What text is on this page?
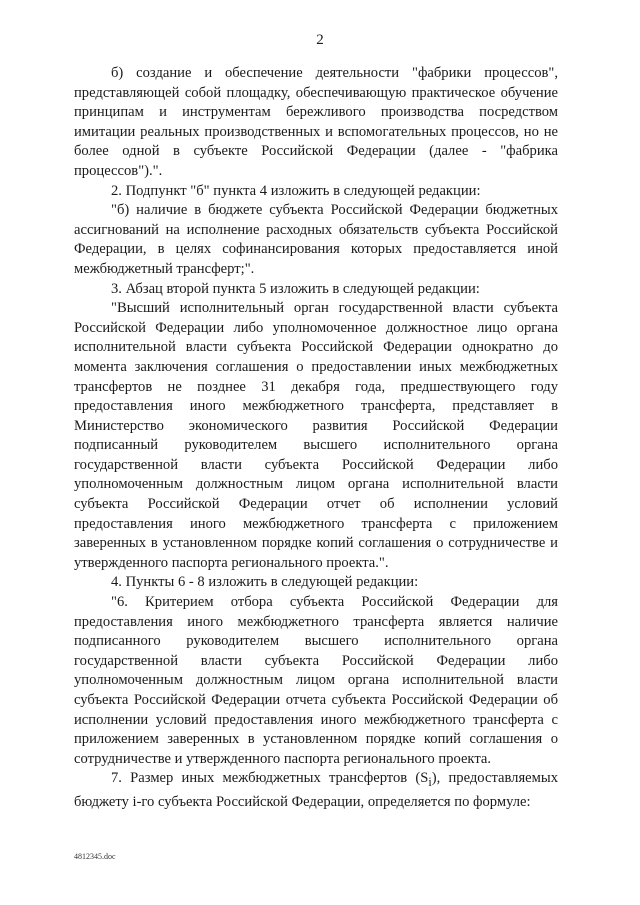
2

б) создание и обеспечение деятельности "фабрики процессов", представляющей собой площадку, обеспечивающую практическое обучение принципам и инструментам бережливого производства посредством имитации реальных производственных и вспомогательных процессов, но не более одной в субъекте Российской Федерации (далее - "фабрика процессов").".

2. Подпункт "б" пункта 4 изложить в следующей редакции:

"б) наличие в бюджете субъекта Российской Федерации бюджетных ассигнований на исполнение расходных обязательств субъекта Российской Федерации, в целях софинансирования которых предоставляется иной межбюджетный трансферт;".

3. Абзац второй пункта 5 изложить в следующей редакции:

"Высший исполнительный орган государственной власти субъекта Российской Федерации либо уполномоченное должностное лицо органа исполнительной власти субъекта Российской Федерации однократно до момента заключения соглашения о предоставлении иных межбюджетных трансфертов не позднее 31 декабря года, предшествующего году предоставления иного межбюджетного трансферта, представляет в Министерство экономического развития Российской Федерации подписанный руководителем высшего исполнительного органа государственной власти субъекта Российской Федерации либо уполномоченным должностным лицом органа исполнительной власти субъекта Российской Федерации отчет об исполнении условий предоставления иного межбюджетного трансферта с приложением заверенных в установленном порядке копий соглашения о сотрудничестве и утвержденного паспорта регионального проекта.".

4. Пункты 6 - 8 изложить в следующей редакции:

"6. Критерием отбора субъекта Российской Федерации для предоставления иного межбюджетного трансферта является наличие подписанного руководителем высшего исполнительного органа государственной власти субъекта Российской Федерации либо уполномоченным должностным лицом органа исполнительной власти субъекта Российской Федерации отчета субъекта Российской Федерации об исполнении условий предоставления иного межбюджетного трансферта с приложением заверенных в установленном порядке копий соглашения о сотрудничестве и утвержденного паспорта регионального проекта.

7. Размер иных межбюджетных трансфертов $(S_i)$, предоставляемых бюджету i-го субъекта Российской Федерации, определяется по формуле:

4812345.doc
